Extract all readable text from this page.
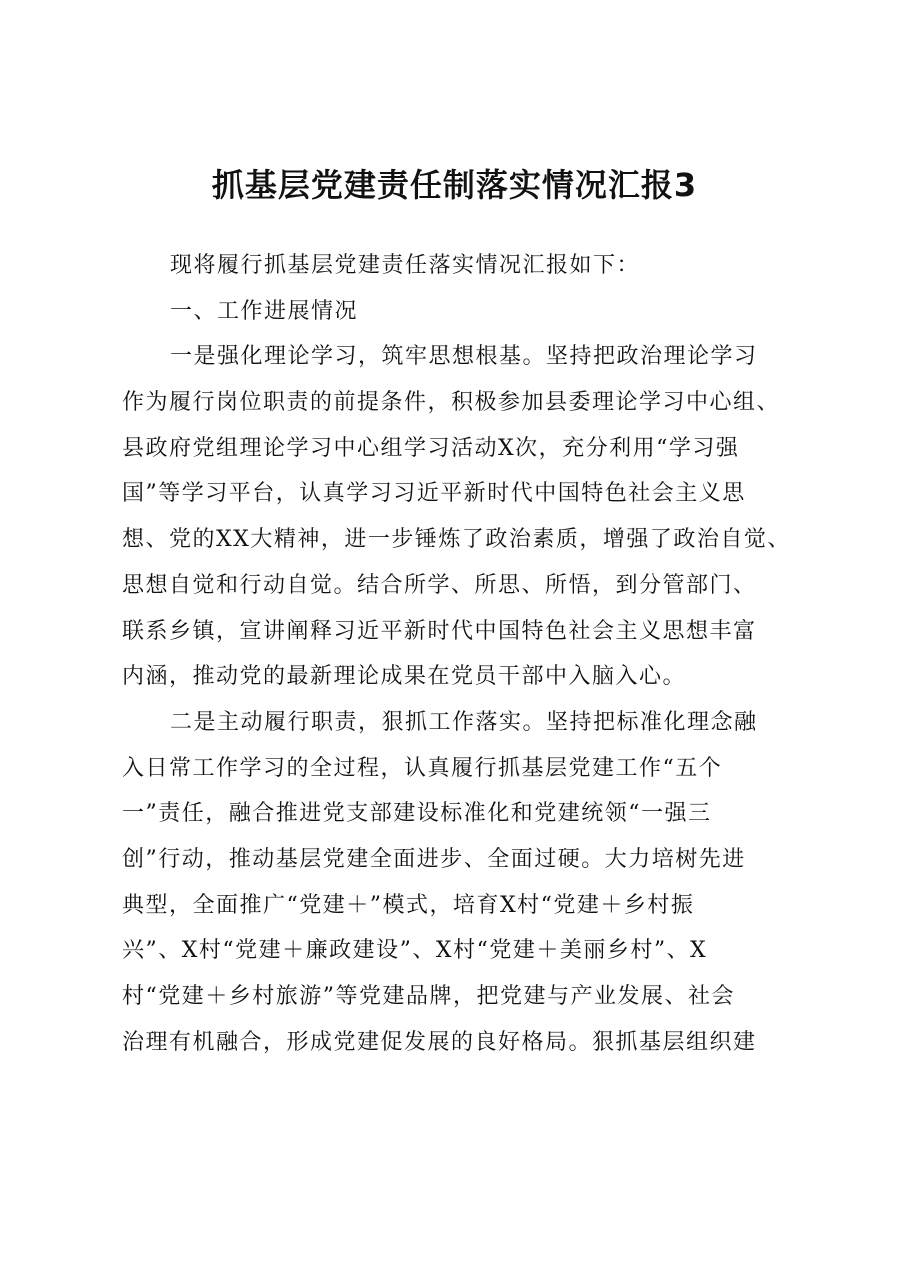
抓基层党建责任制落实情况汇报3
现将履行抓基层党建责任落实情况汇报如下：
一、工作进展情况
一是强化理论学习，筑牢思想根基。坚持把政治理论学习
作为履行岗位职责的前提条件，积极参加县委理论学习中心组、
县政府党组理论学习中心组学习活动X次，充分利用“学习强
国”等学习平台，认真学习习近平新时代中国特色社会主义思
想、党的XX大精神，进一步锤炼了政治素质，增强了政治自觉、
思想自觉和行动自觉。结合所学、所思、所悟，到分管部门、
联系乡镇，宣讲阐释习近平新时代中国特色社会主义思想丰富
内涵，推动党的最新理论成果在党员干部中入脑入心。
二是主动履行职责，狠抓工作落实。坚持把标准化理念融
入日常工作学习的全过程，认真履行抓基层党建工作“五个
一”责任，融合推进党支部建设标准化和党建统领“一强三
创”行动，推动基层党建全面进步、全面过硬。大力培树先进
典型，全面推广“党建＋”模式，培育X村“党建＋乡村振
兴”、X村“党建＋廉政建设”、X村“党建＋美丽乡村”、X
村“党建＋乡村旅游”等党建品牌，把党建与产业发展、社会
治理有机融合，形成党建促发展的良好格局。狠抓基层组织建
